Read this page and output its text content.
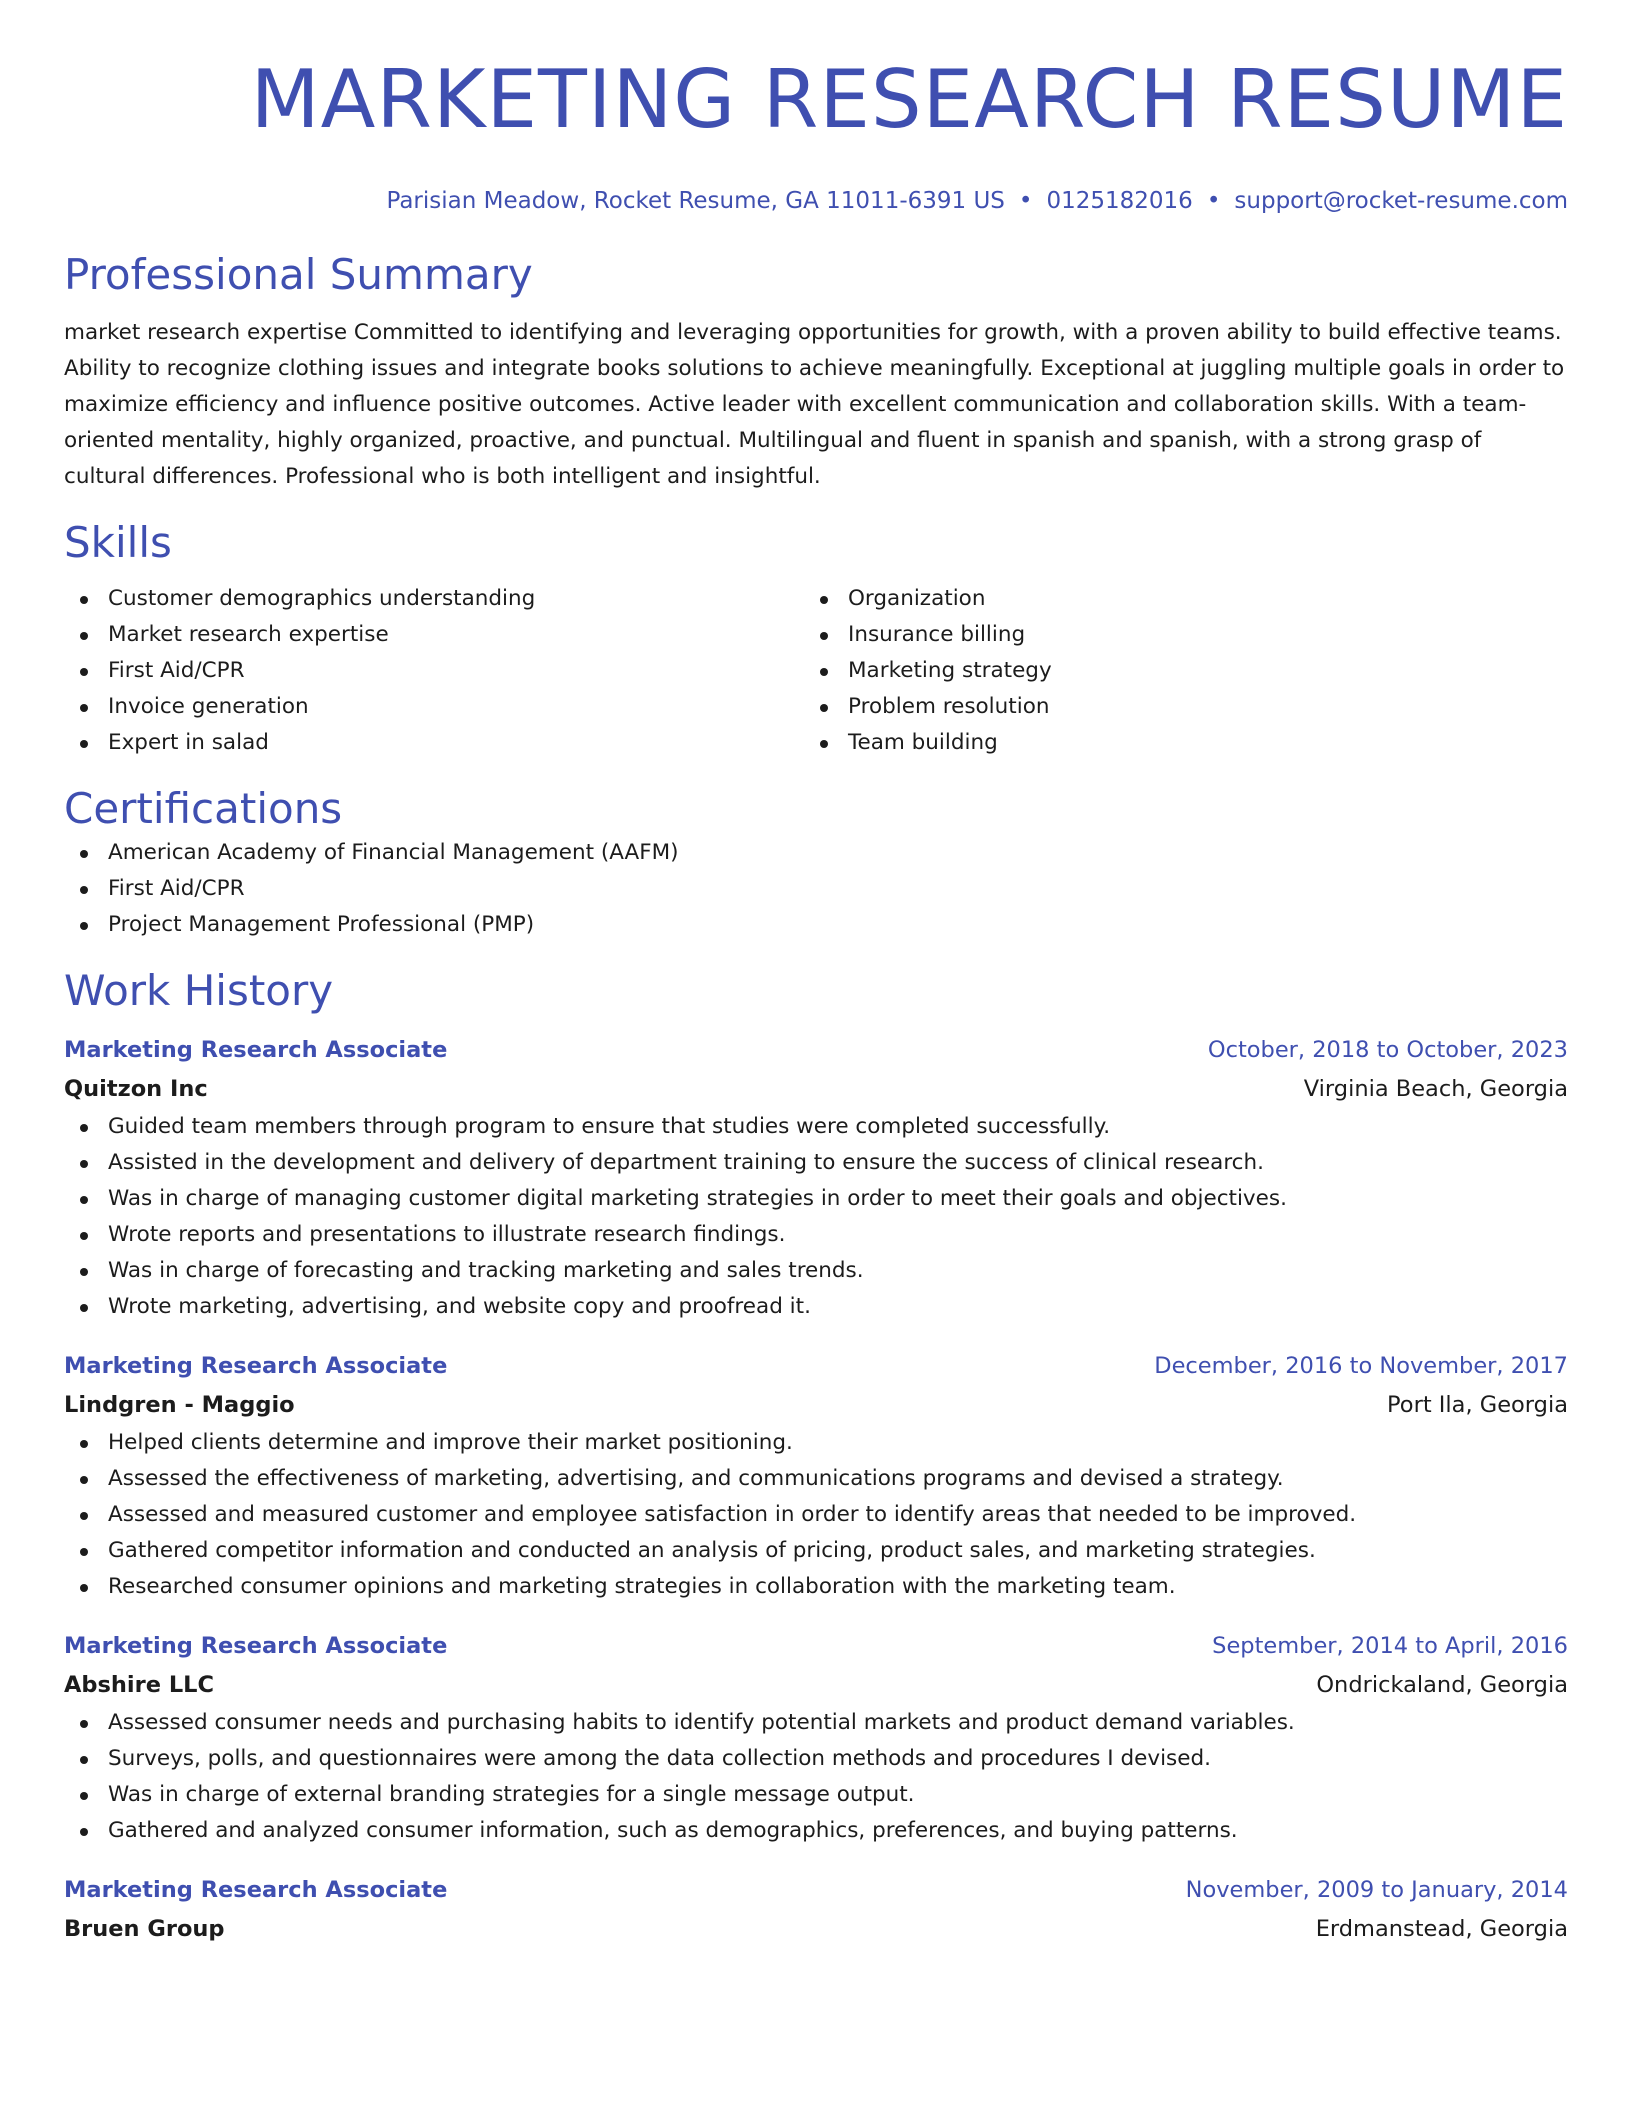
MARKETING RESEARCH RESUME
Parisian Meadow, Rocket Resume, GA 11011-6391 US • 0125182016 • support@rocket-resume.com
Professional Summary

market research expertise Committed to identifying and leveraging opportunities for growth, with a proven ability to build effective teams. Ability to recognize clothing issues and integrate books solutions to achieve meaningfully. Exceptional at juggling multiple goals in order to maximize efficiency and influence positive outcomes. Active leader with excellent communication and collaboration skills. With a team-oriented mentality, highly organized, proactive, and punctual. Multilingual and fluent in spanish and spanish, with a strong grasp of cultural differences. Professional who is both intelligent and insightful.

Skills
Customer demographics understanding
Market research expertise
First Aid/CPR
Invoice generation
Expert in salad
Organization
Insurance billing
Marketing strategy
Problem resolution
Team building
Certifications
American Academy of Financial Management (AAFM)
First Aid/CPR
Project Management Professional (PMP)
Work History
Marketing Research Associate	October, 2018 to October, 2023
Quitzon Inc	Virginia Beach, Georgia
Guided team members through program to ensure that studies were completed successfully.
Assisted in the development and delivery of department training to ensure the success of clinical research.
Was in charge of managing customer digital marketing strategies in order to meet their goals and objectives.
Wrote reports and presentations to illustrate research findings.
Was in charge of forecasting and tracking marketing and sales trends.
Wrote marketing, advertising, and website copy and proofread it.
Marketing Research Associate	December, 2016 to November, 2017
Lindgren - Maggio	Port Ila, Georgia
Helped clients determine and improve their market positioning.
Assessed the effectiveness of marketing, advertising, and communications programs and devised a strategy.
Assessed and measured customer and employee satisfaction in order to identify areas that needed to be improved.
Gathered competitor information and conducted an analysis of pricing, product sales, and marketing strategies.
Researched consumer opinions and marketing strategies in collaboration with the marketing team.
Marketing Research Associate	September, 2014 to April, 2016
Abshire LLC	Ondrickaland, Georgia
Assessed consumer needs and purchasing habits to identify potential markets and product demand variables.
Surveys, polls, and questionnaires were among the data collection methods and procedures I devised.
Was in charge of external branding strategies for a single message output.
Gathered and analyzed consumer information, such as demographics, preferences, and buying patterns.
Marketing Research Associate	November, 2009 to January, 2014
Bruen Group	Erdmanstead, Georgia
